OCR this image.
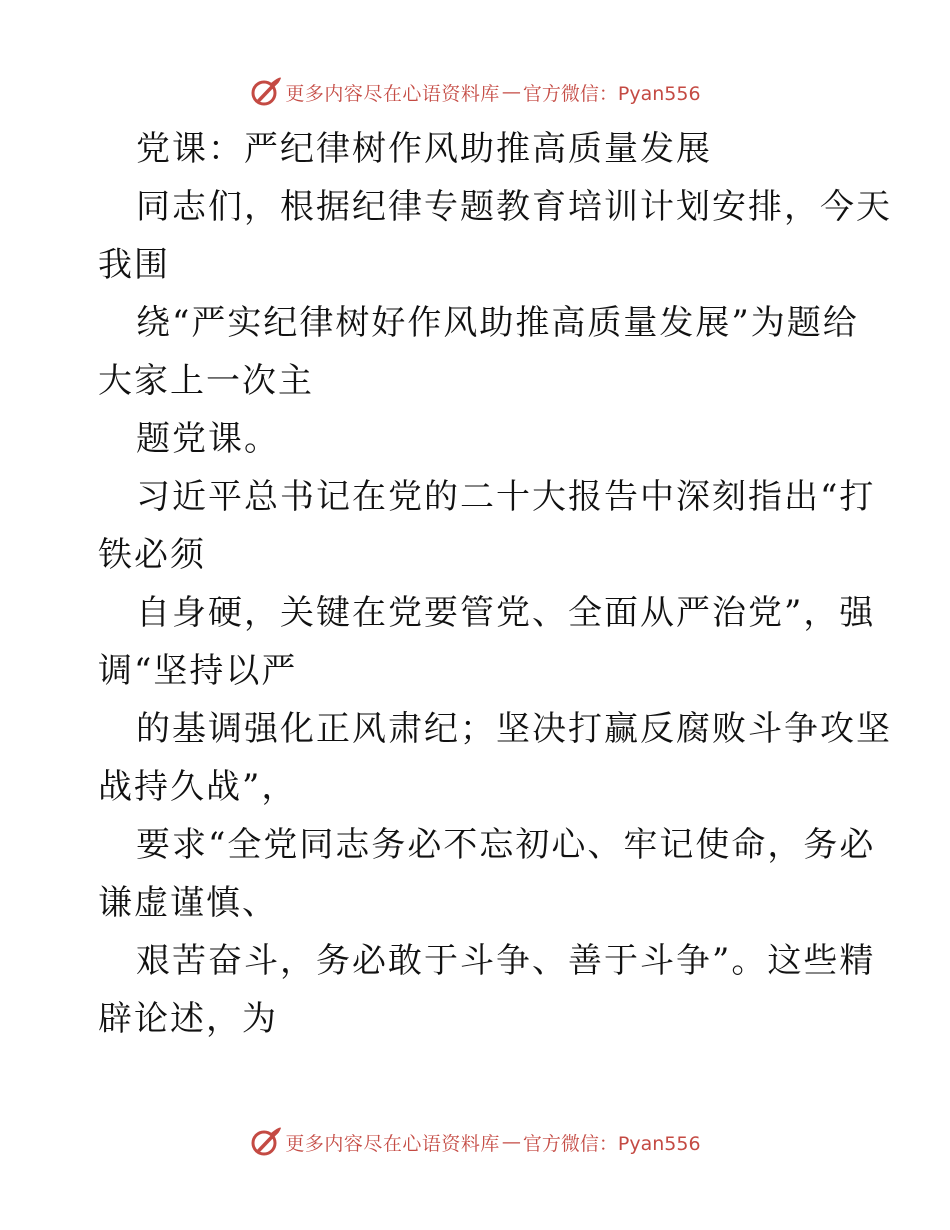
更多内容尽在心语资料库 — 官方微信：Pyan556
党课：严纪律树作风助推高质量发展
同志们，根据纪律专题教育培训计划安排，今天
我围
绕“严实纪律树好作风助推高质量发展”为题给
大家上一次主
题党课。
习近平总书记在党的二十大报告中深刻指出“打
铁必须
自身硬，关键在党要管党、全面从严治党”，强
调“坚持以严
的基调强化正风肃纪；坚决打赢反腐败斗争攻坚
战持久战”，
要求“全党同志务必不忘初心、牢记使命，务必
谦虚谨慎、
艰苦奋斗，务必敢于斗争、善于斗争”。这些精
辟论述，为
更多内容尽在心语资料库 — 官方微信：Pyan556
